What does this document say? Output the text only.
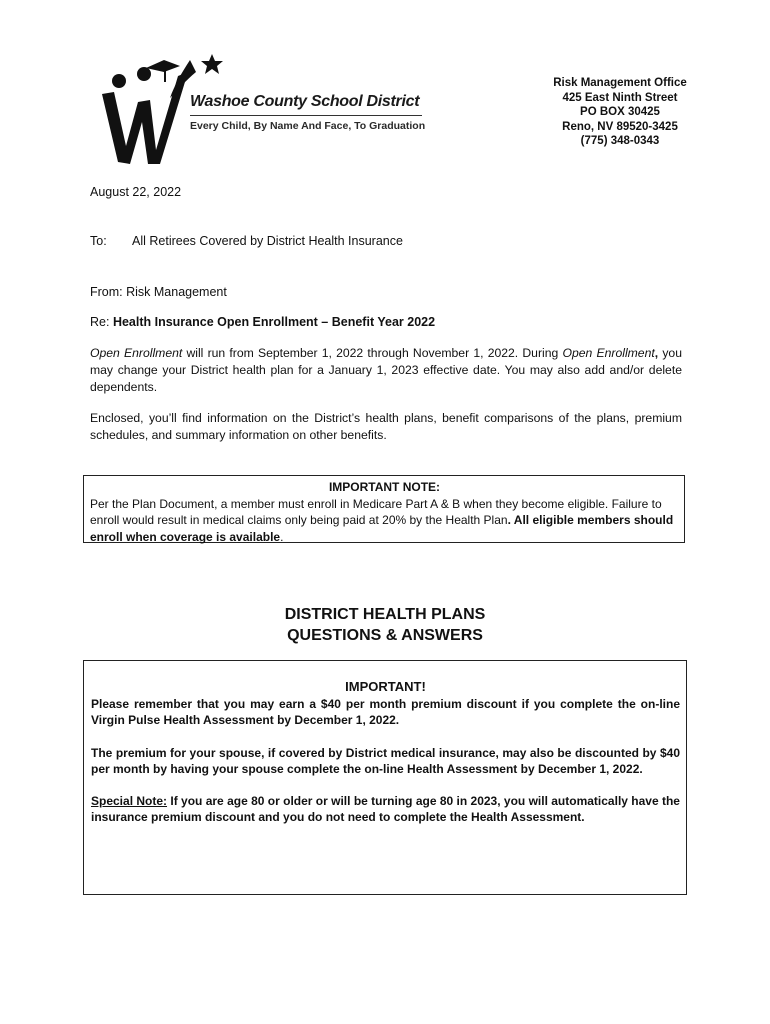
Washoe County School District
Every Child, By Name And Face, To Graduation
Risk Management Office
425 East Ninth Street
PO BOX 30425
Reno, NV 89520-3425
(775) 348-0343
August 22, 2022
To: All Retirees Covered by District Health Insurance
From: Risk Management
Re: Health Insurance Open Enrollment – Benefit Year 2022
Open Enrollment will run from September 1, 2022 through November 1, 2022. During Open Enrollment, you may change your District health plan for a January 1, 2023 effective date. You may also add and/or delete dependents.
Enclosed, you’ll find information on the District’s health plans, benefit comparisons of the plans, premium schedules, and summary information on other benefits.
IMPORTANT NOTE:
Per the Plan Document, a member must enroll in Medicare Part A & B when they become eligible. Failure to enroll would result in medical claims only being paid at 20% by the Health Plan. All eligible members should enroll when coverage is available.
DISTRICT HEALTH PLANS
QUESTIONS & ANSWERS
IMPORTANT!

Please remember that you may earn a $40 per month premium discount if you complete the on-line Virgin Pulse Health Assessment by December 1, 2022.

The premium for your spouse, if covered by District medical insurance, may also be discounted by $40 per month by having your spouse complete the on-line Health Assessment by December 1, 2022.

Special Note: If you are age 80 or older or will be turning age 80 in 2023, you will automatically have the insurance premium discount and you do not need to complete the Health Assessment.
